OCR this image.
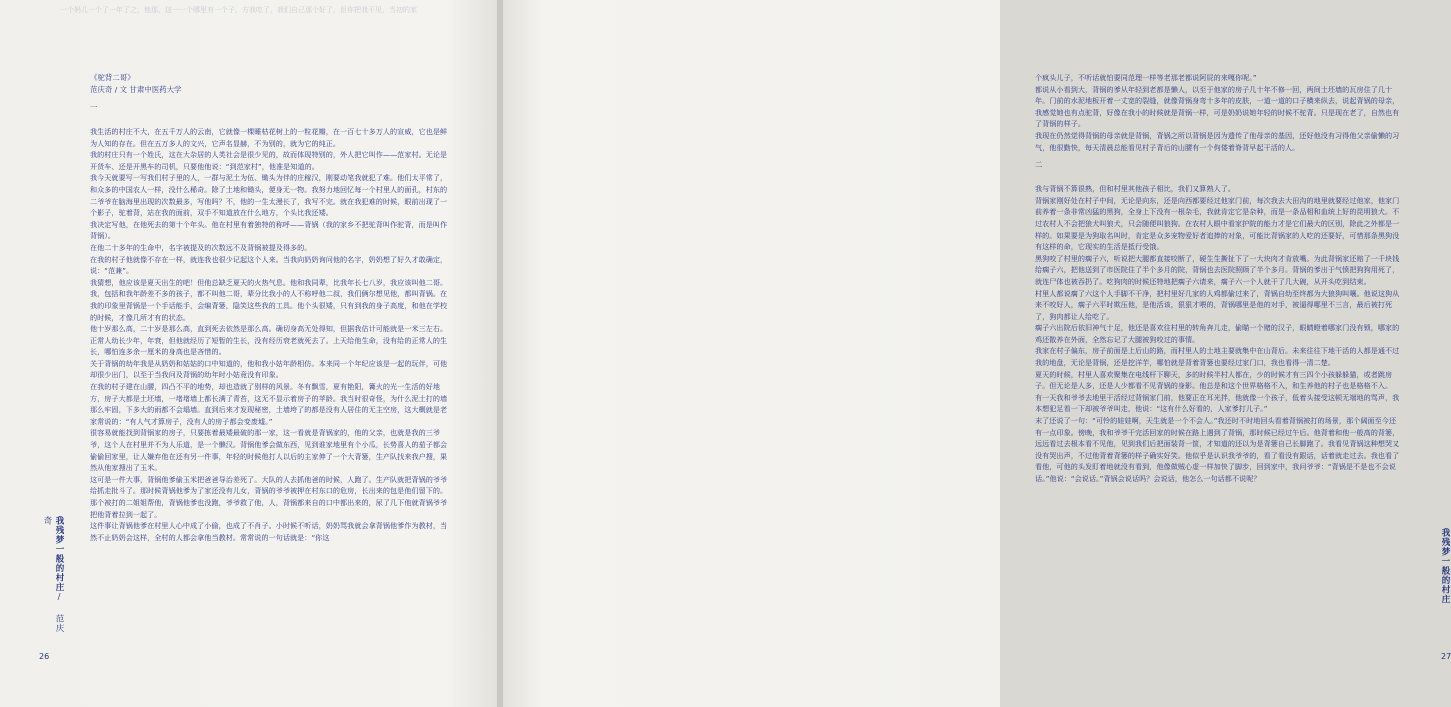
一个妈儿一个了一年了之，他那，这一一个哪里有一个子，方我吃了，我们自己那个好了，但你把我不见，当初的家
《驼背二哥》
范庆奇 / 文 甘肃中医药大学
一

我生活的村庄不大，在五千万人的云南，它就像一棵睡枯花树上的一粒花瓣，在一百七十多万人的宣威，它也是鲜为人知的存在。但在五万多人的文兴，它声名显赫，不为别的，就为它的纯正。

我的村庄只有一个姓氏，这在大杂居的人类社会是很少见的，故而体现特别的，外人把它叫作——范家村。无论是开货车、还是开黑车的司机，只要他他说：“到范家村”，他准是知道的。

我今天就要写一写我们村子里的人，一群与泥土为伍、锄头为伴的庄稼汉，刚要动笔我就犯了难。他们太平常了，和众多的中国农人一样，没什么稀奇。除了土地和锄头，便身无一物。我努力地回忆每一个村里人的面孔，村东的二爷爷在脑海里出现的次数最多，写他吗？不，他的一生太漫长了，我写不完。就在我犯难的时候，眼前出现了一个影子，驼着背，站在我的面前，双手不知道放在什么地方，个头比我还矮。

我决定写他，在他死去的第十个年头。他在村里有着独特的称呼——背锅（我的家乡不把驼背叫作驼背，而是叫作背锅）。

在他二十多年的生命中，名字被提及的次数远不及背锅被提及得多的。

在我的村子他就像不存在一样，就连我也很少记起这个人来。当我向奶奶询问他的名字，奶奶想了好久才敢确定，说：“范兼”。

我猜想，他应该是夏天出生的吧！但他总缺乏夏天的火热气息。他和我同辈，比我年长七八岁，我应该叫他二哥。我，包括和我年龄差不多的孩子，都不叫他二哥，辈分比我小的人不称呼他二叔，我们俩尔想见他，都叫背锅。在我的印象里背锅是一个手话能手，会编背篓，隐笑这些我的工具。他个头很矮，只有到我的身子高度，和他在学校的时候，才像几所才有的状态。

他十岁那么高，二十岁是那么高，直到死去依然是那么高。确切身高无处得知，但据我估计可能就是一米三左右。正常人幼长少年，年衰，但他就经历了短暂的生长，没有经历衰老就死去了。上天给他生命，没有给的正常人的生长，哪怕连多余一厘米的身高也是吝惜的。

关于背锅的幼年我是从奶奶和姑姑的口中知道的，他和我小姑年龄相仿。本来同一个年纪应该是一起的玩伴，可他却很少出门，以至于当我问及背锅的幼年时小姑竟没有印象。

在我的村子建在山腰，四凸不平的地势，却也造就了别样的风景。冬有飘雪，夏有艳阳，篝火的光一生活的好地方，房子大都是土坯墙，一堵堵墙上都长满了青苔，这无不显示着房子的苹龄。我当时很奇怪，为什么泥土打的墙那么牢固，下多大的雨都不会塌墙。直到后来才发现秘密，土墙垮了的都是没有人居住的无主空房，这大概就是老家常说的：“有人气才算房子，没有人的房子都会变废墟。”

很容易就能找到背锅家的房子，只要拣着最矮最破的那一家，这一看就是背锅家的，他的父亲，也就是我的三爷爷，这个人在村里并不为人乐道，是一个懒汉。背锅他爹会做东西，见到谁家地里有个小瓜，长势喜人的茄子都会偷偷回家里，让人嫌弃他在还有另一件事，年轻的时候他打人以后的主家伸了一个大背篓，生产队找来我户搜，果然从他家搜出了玉米。

这可是一件大事，背锅他爹偷玉米把爸爸导治差死了。大队的人去抓他爸的时候，人跑了。生产队就把背锅的爷爷给抓走批斗了。那时候背锅他爹为了家还没有儿女，背锅的爷爷被押在村东口的危房，长出来的包是他们留下的。那个被打的二姐姐帮他，背锅他爹也没跑，爷爷救了他，人，背锅都来自的口中都出来的，尿了几下他就背锅爷爷把他背着拉到一起了。

这件事让背锅他爹在村里人心中成了小偷，也成了不肖子。小时候不听话，奶奶骂我就会拿背锅他爹作为教材，当然不止奶奶会这样，全村的人都会拿他当教材。常常说的一句话就是：“你这

我残梦一般的村庄/ 范庆奇
26

个疯头儿子，不听话就怕要同范理一样等老那老都说阿屁的来嘎你呢。”

都说从小看到大，背锅的爹从年轻到老都是懒人，以至于他家的房子几十年不修一回，两间土坯墙的瓦房住了几十年。门前的水泥地板开着一丈宽的裂缝，就像背锅身弯十多年的皮肤，一道一道的口子横来纵去，说起背锅的母亲，我感觉她也有点驼背，好像在我小的时候就是背锅一样，可是奶奶说她年轻的时候不驼背。只是现在老了，自然也有了背锅的样子。

我现在仍然觉得背锅的母亲就是背锅，背锅之所以背锅是因为遗传了他母亲的基因，还好他没有习得他父亲偷懒的习气，他很勤快，每天清晨总能看见村子背后的山腰有一个佝偻着脊背早起干活的人。

二

我与背锅不算很熟，但和村里其他孩子相比，我们又算熟人了。

背锅家刚好处在村子中间，无论是向东，还是向西都要经过他家门前，每次我去大田沟的地里就要经过他家，他家门前养着一条非常凶猛的黑狗，全身上下没有一根杂毛，我就肯定它是杂种，而是一条品相和血统上好的昆明狼犬。不过农村人不会把狼犬叫狼犬，只会随便叫狼狗。在农村人眼中看家护院的能力才是它们最大的区别，除此之外都是一样的。如果要是为狗取名叫时，肯定是众多宠物爱好者追捧的对象，可能比背锅家的人吃的还要好，可惜那条黑狗没有这样的命，它现实的生活是抵行受饿。

黑狗咬了村里的瘸子六，听说把大腿都直接咬断了，硬生生撕扯下了一大块肉才肯放嘴。为此背锅家还赔了一千块钱给瘸子六，把他送到了市医院住了半个多月的院，背锅也去医院照顾了半个多月。背锅的爹出于气愤把狗狗用死了，就连尸体也被吞扔了。吃狗肉的时候还特地把瘸子六请来，瘸子六一个人就干了几大碗，从开头吃到结束。

村里人都说瘸了六这个人手脚不干净，把村里好几家的人鸡都偷过来了，背锅自幼至终都为大狼狗叫嚷。他说这狗从来不咬好人，瘸子六平时欺压他，是他活该，狠狠才喂的，背锅哪里是他的对手，被逼得哪里不三言，最后被打死了，狗肉都让人给吃了。

瘸子六出院后依旧神气十足，他还是喜欢往村里的转角奔儿走，偷瞄一个赌的汉子，眼睛瞪着哪家门没有锁，哪家的鸡还散养在外面，全然忘记了大腿被狗咬过的事情。

我家在村子偏东，房子前面是上后山的路，而村里人的土地主要就集中在山背后。未来往往下地干活的人都是通不过我的地盘，无论是背锅，还是挖洋芋，哪怕就是背着背篓也要经过家门口，我也看得一清二楚。

夏天的时候，村里人喜欢聚集在电线杆下聊天，多的时候半村人都在，少的时候才有三四个小孩躲躲猫，或者跳房子。但无论是人多，还是人少都看不见背锅的身影。他总是和这个世界格格不入，和生养他的村子也是格格不入。

有一天我和爷爷去地里干活经过背锅家门前，他要正在耳光拌，他就像一个孩子，低着头接受这顿无端地的骂声，我本想犯足看一下却被爷爷叫走，他说：“这有什么好看的，人家爹打儿子。”

末了还说了一句：“可怜的娃娃啊，天生就是一个不会人。”我还时不时地回头看着背锅被打的场景，那个阔面至今还有一点印象。傍晚，我和爷爷干完活回家的时候在路上遇到了背锅，那时候已经过午后。他背着和他一般高的背篓，远远看过去根本看不见他，见到我们后把面装背一筐，才知道的还以为是背篓自己长脚跑了。我看见背锅这种想哭又没有哭出声，不过他背着背篓的样子确实好笑。他似乎是认识我爷爷的，看了看没有跟话，话着就走过去。我也看了看他，可他的头发盯着地就没有看到，他像做贼心虚一样加快了脚步，回到家中，我问爷爷：“背锅是不是也不会说话。”他说：“会说话。”背锅会说话吗？会说话，他怎么一句话都不说呢？

我残梦一般的村庄
27
